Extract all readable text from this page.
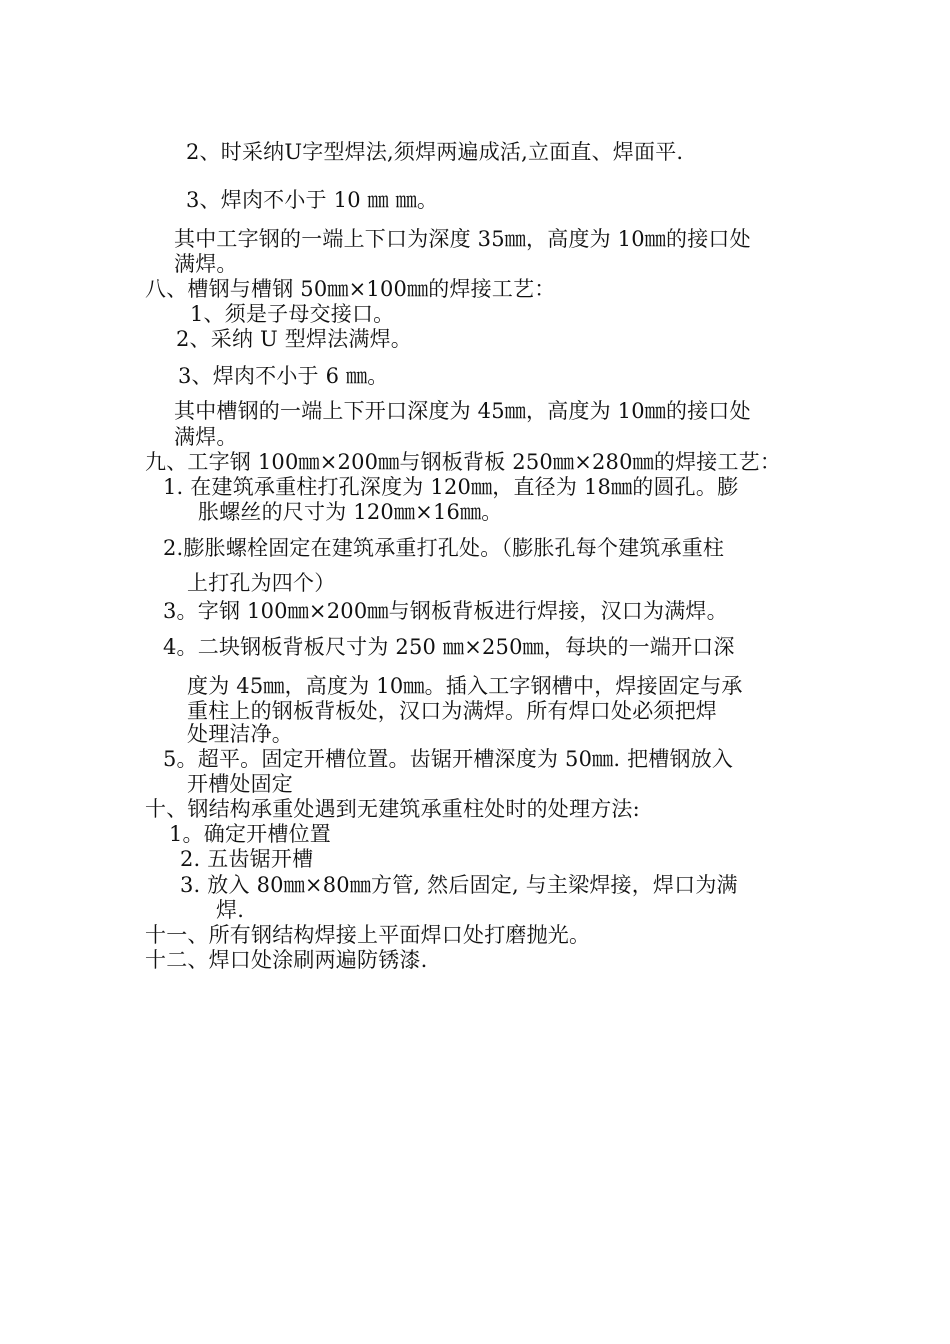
2、时采纳U字型焊法,须焊两遍成活,立面直、焊面平.
3、焊肉不小于 10 ㎜ ㎜。
其中工字钢的一端上下口为深度 35㎜，高度为 10㎜的接口处
满焊。
八、槽钢与槽钢 50㎜×100㎜的焊接工艺：
1、须是子母交接口。
2、采纳 U 型焊法满焊。
3、焊肉不小于 6 ㎜。
其中槽钢的一端上下开口深度为 45㎜，高度为 10㎜的接口处
满焊。
九、工字钢 100㎜×200㎜与钢板背板 250㎜×280㎜的焊接工艺：
1. 在建筑承重柱打孔深度为 120㎜，直径为 18㎜的圆孔。膨
胀螺丝的尺寸为 120㎜×16㎜。
2.膨胀螺栓固定在建筑承重打孔处。（膨胀孔每个建筑承重柱
上打孔为四个）
3。字钢 100㎜×200㎜与钢板背板进行焊接，汉口为满焊。
4。二块钢板背板尺寸为 250 ㎜×250㎜，每块的一端开口深
度为 45㎜，高度为 10㎜。插入工字钢槽中，焊接固定与承
重柱上的钢板背板处，汉口为满焊。所有焊口处必须把焊
处理洁净。
5。超平。固定开槽位置。齿锯开槽深度为 50㎜. 把槽钢放入
开槽处固定
十、钢结构承重处遇到无建筑承重柱处时的处理方法:
1。确定开槽位置
2. 五齿锯开槽
3. 放入 80㎜×80㎜方管, 然后固定, 与主梁焊接，焊口为满
焊.
十一、所有钢结构焊接上平面焊口处打磨抛光。
十二、焊口处涂刷两遍防锈漆.
